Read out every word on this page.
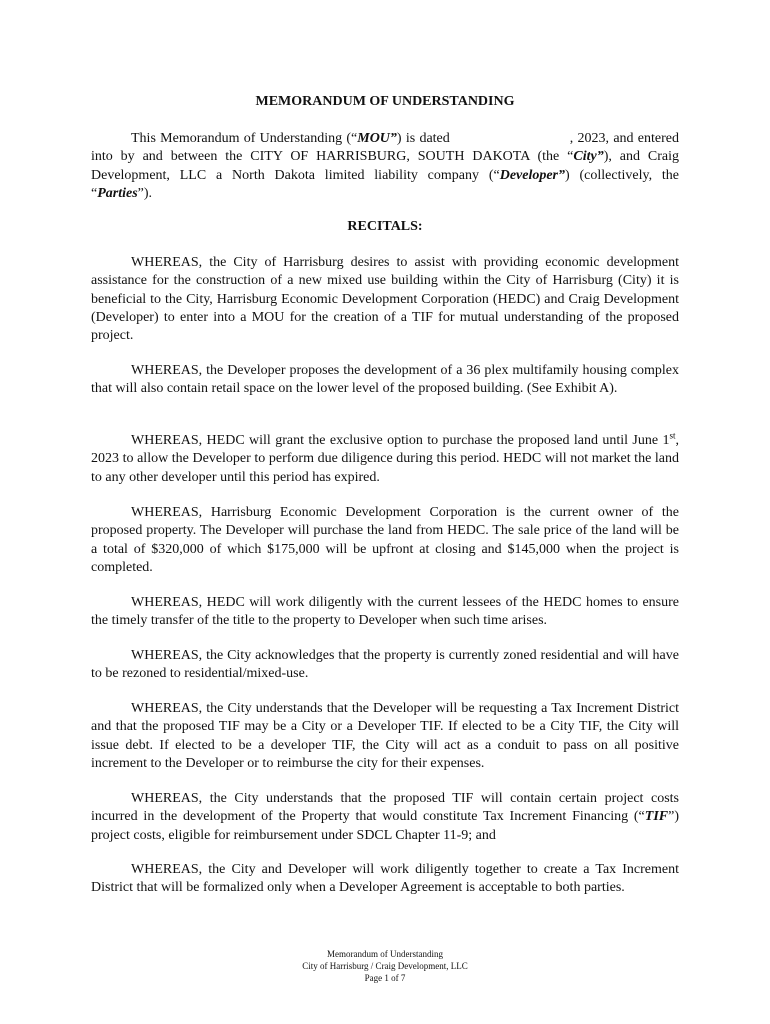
MEMORANDUM OF UNDERSTANDING
This Memorandum of Understanding (“MOU”) is dated	, 2023, and entered into by and between the CITY OF HARRISBURG, SOUTH DAKOTA (the “City”), and Craig Development, LLC a North Dakota limited liability company (“Developer”) (collectively, the “Parties”).
RECITALS:
WHEREAS, the City of Harrisburg desires to assist with providing economic development assistance for the construction of a new mixed use building within the City of Harrisburg (City) it is beneficial to the City, Harrisburg Economic Development Corporation (HEDC) and Craig Development (Developer) to enter into a MOU for the creation of a TIF for mutual understanding of the proposed project.
WHEREAS, the Developer proposes the development of a 36 plex multifamily housing complex that will also contain retail space on the lower level of the proposed building. (See Exhibit A).
WHEREAS, HEDC will grant the exclusive option to purchase the proposed land until June 1st, 2023 to allow the Developer to perform due diligence during this period. HEDC will not market the land to any other developer until this period has expired.
WHEREAS, Harrisburg Economic Development Corporation is the current owner of the proposed property. The Developer will purchase the land from HEDC. The sale price of the land will be a total of $320,000 of which $175,000 will be upfront at closing and $145,000 when the project is completed.
WHEREAS, HEDC will work diligently with the current lessees of the HEDC homes to ensure the timely transfer of the title to the property to Developer when such time arises.
WHEREAS, the City acknowledges that the property is currently zoned residential and will have to be rezoned to residential/mixed-use.
WHEREAS, the City understands that the Developer will be requesting a Tax Increment District and that the proposed TIF may be a City or a Developer TIF. If elected to be a City TIF, the City will issue debt. If elected to be a developer TIF, the City will act as a conduit to pass on all positive increment to the Developer or to reimburse the city for their expenses.
WHEREAS, the City understands that the proposed TIF will contain certain project costs incurred in the development of the Property that would constitute Tax Increment Financing (“TIF”) project costs, eligible for reimbursement under SDCL Chapter 11-9; and
WHEREAS, the City and Developer will work diligently together to create a Tax Increment District that will be formalized only when a Developer Agreement is acceptable to both parties.
Memorandum of Understanding
City of Harrisburg / Craig Development, LLC
Page 1 of 7
